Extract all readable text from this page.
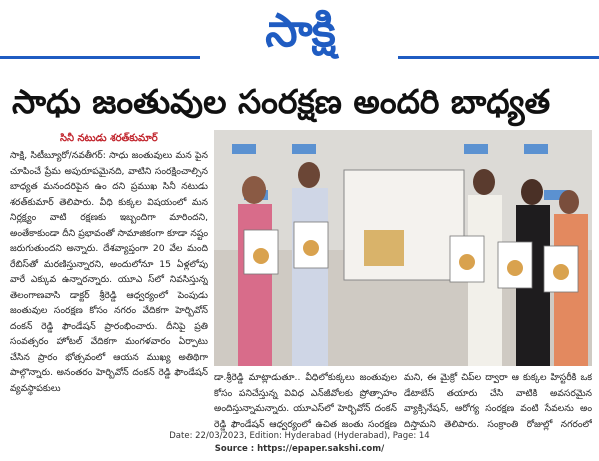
సాక్షి
సాధు జంతువుల సంరక్షణ అందరి బాధ్యత
సినీ నటుడు శరత్‌కుమార్

సాక్షి, సిటీబ్యూరో/నవతీగర్: సాధు జంతువులు మన పైన చూపించే ప్రేమ అపురూపమైనది, వాటిని సంరక్షించాల్సిన బాధ్యత మనందరిపైన ఉం దని ప్రముఖ సినీ నటుడు శరత్‌కుమార్ తెలిపారు. వీధి కుక్కల విషయంలో మన నిర్లక్ష్యం వాటి రక్షణకు ఇబ్బందిగా మారిందని, అంతేకాకుండా దీని ప్రభావంతో సామాజికంగా కూడా నష్టం జరుగుతుందని అన్నారు. దేశవ్యాప్తంగా 20 వేల మంది రేబిస్‌తో మరణిస్తున్నారని, అందులోనూ 15 ఏళ్లలోపు వారే ఎక్కువ ఉన్నారన్నారు. యూఎ స్‌లో నివసిస్తున్న తెలంగాణవాసి డాక్టర్ శ్రీరెడ్డి ఆధ్వర్యంలో పెంపుడు జంతువుల సంరక్షణ కోసం నగరం వేదికగా హెర్బివోన్ దంకన్ రెడ్డి ఫౌండేషన్ ప్రారంభించారు. దీనిపై ప్రతి సంవత్సరం హోటల్ వేదికగా మంగళవారం ఏర్పాటు చేసిన ప్రారం భోత్సవంలో ఆయన ముఖ్య అతిథిగా పాల్గొన్నారు. అనంతరం హెర్బివోన్ దంకన్ రెడ్డి ఫౌండేషన్ వ్యవస్థాపకులు

డా.శ్రీరెడ్డి మాట్లాడుతూ.. వీధిలోకుక్కలు జంతువుల కోసం పనిచేస్తున్న వివిధ ఎన్‌జీవోలకు ప్రోత్సాహం అందిస్తున్నామన్నారు. యూఎస్‌లో హెర్బివోన్ దంకన్ రెడ్డి ఫౌండేషన్ ఆధ్వర్యంలో ఉచిత జంతు సంరక్షణ

మని, ఈ మైక్రో చిప్‌ల ద్వారా ఆ కుక్కల హిస్టరీకి ఒక డేటాబేస్ తయారు చేసి వాటికి అవసరమైన వ్యాక్సినేషన్, ఆరోగ్య సంరక్షణ వంటి సేవలను అం దిస్తామని తెలిపారు. సంక్రాంతి రోజుల్లో నగరంలో

Date: 22/03/2023, Edition: Hyderabad (Hyderabad), Page: 14
Source : https://epaper.sakshi.com/
